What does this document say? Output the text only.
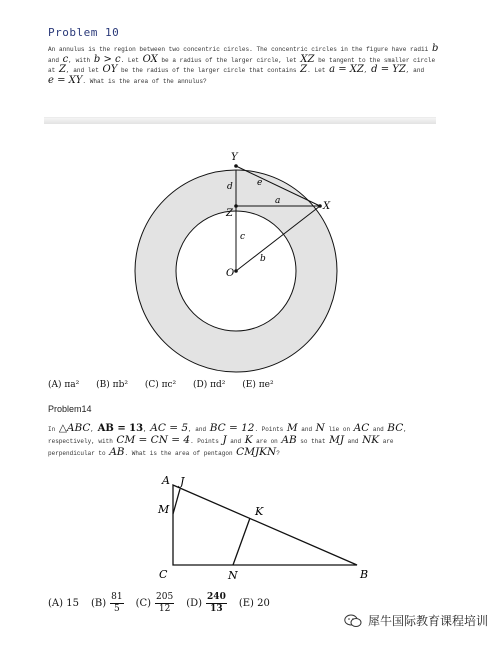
Problem 10
An annulus is the region between two concentric circles. The concentric circles in the figure have radii b
and c, with b > c. Let OX be a radius of the larger circle, let XZ be tangent to the smaller circle
at Z, and let OY be the radius of the larger circle that contains Z. Let a = XZ, d = YZ, and
e = XY. What is the area of the annulus?
Y
X
Z
O
d	e
a
c
b
(A) πa² (B) πb² (C) πc² (D) πd² (E) πe²
Problem14
In △ABC, AB = 13, AC = 5, and BC = 12. Points M and N lie on AC and BC,
respectively, with CM = CN = 4. Points J and K are on AB so that MJ and NK are
perpendicular to AB. What is the area of pentagon CMJKN?
A J
M	K
C	N	B
(A)
15 $(B) \frac{81}{5} (C) \frac{205}{12} (D) \frac{240}{13} (E)$
20
犀牛国际教育课程培训
